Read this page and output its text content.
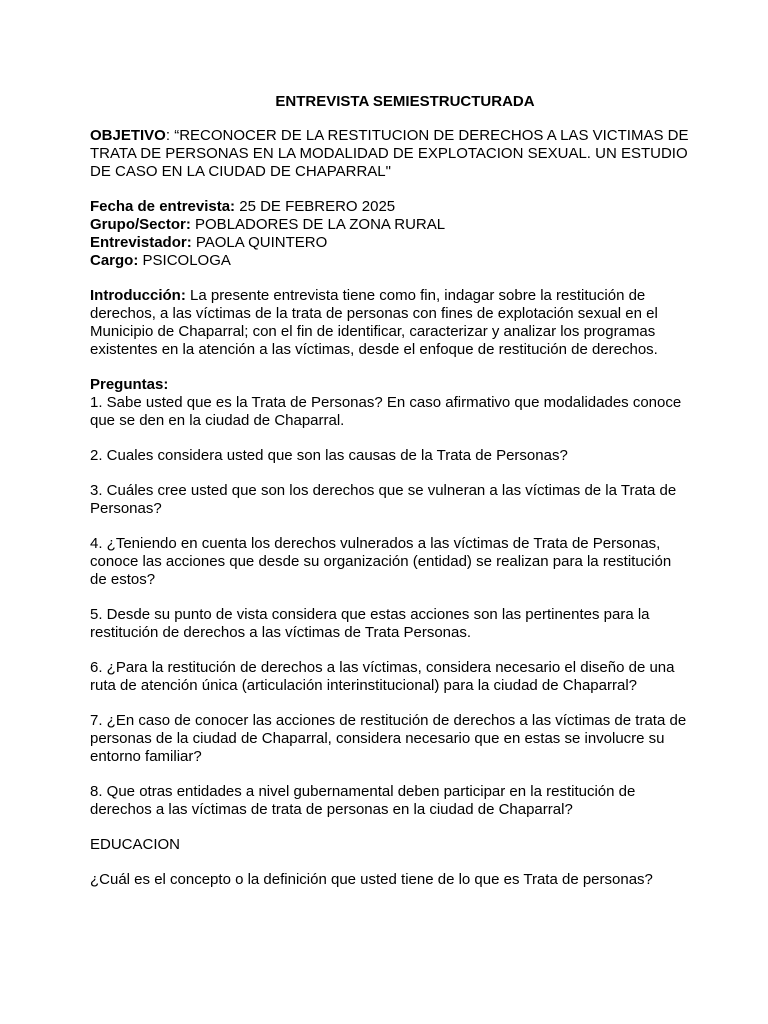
ENTREVISTA SEMIESTRUCTURADA

OBJETIVO: “RECONOCER DE LA RESTITUCION DE DERECHOS A LAS VICTIMAS DE TRATA DE PERSONAS EN LA MODALIDAD DE EXPLOTACION SEXUAL. UN ESTUDIO DE CASO EN LA CIUDAD DE CHAPARRAL"

Fecha de entrevista: 25 DE FEBRERO 2025

Grupo/Sector: POBLADORES DE LA ZONA RURAL

Entrevistador: PAOLA QUINTERO

Cargo: PSICOLOGA

Introducción: La presente entrevista tiene como fin, indagar sobre la restitución de derechos, a las víctimas de la trata de personas con fines de explotación sexual en el Municipio de Chaparral; con el fin de identificar, caracterizar y analizar los programas existentes en la atención a las víctimas, desde el enfoque de restitución de derechos.

Preguntas:

1. Sabe usted que es la Trata de Personas? En caso afirmativo que modalidades conoce que se den en la ciudad de Chaparral.

2. Cuales considera usted que son las causas de la Trata de Personas?

3. Cuáles cree usted que son los derechos que se vulneran a las víctimas de la Trata de Personas?

4. ¿Teniendo en cuenta los derechos vulnerados a las víctimas de Trata de Personas, conoce las acciones que desde su organización (entidad) se realizan para la restitución de estos?

5. Desde su punto de vista considera que estas acciones son las pertinentes para la restitución de derechos a las víctimas de Trata Personas.

6. ¿Para la restitución de derechos a las víctimas, considera necesario el diseño de una ruta de atención única (articulación interinstitucional) para la ciudad de Chaparral?

7. ¿En caso de conocer las acciones de restitución de derechos a las víctimas de trata de personas de la ciudad de Chaparral, considera necesario que en estas se involucre su entorno familiar?

8. Que otras entidades a nivel gubernamental deben participar en la restitución de derechos a las víctimas de trata de personas en la ciudad de Chaparral?

EDUCACION

¿Cuál es el concepto o la definición que usted tiene de lo que es Trata de personas?
